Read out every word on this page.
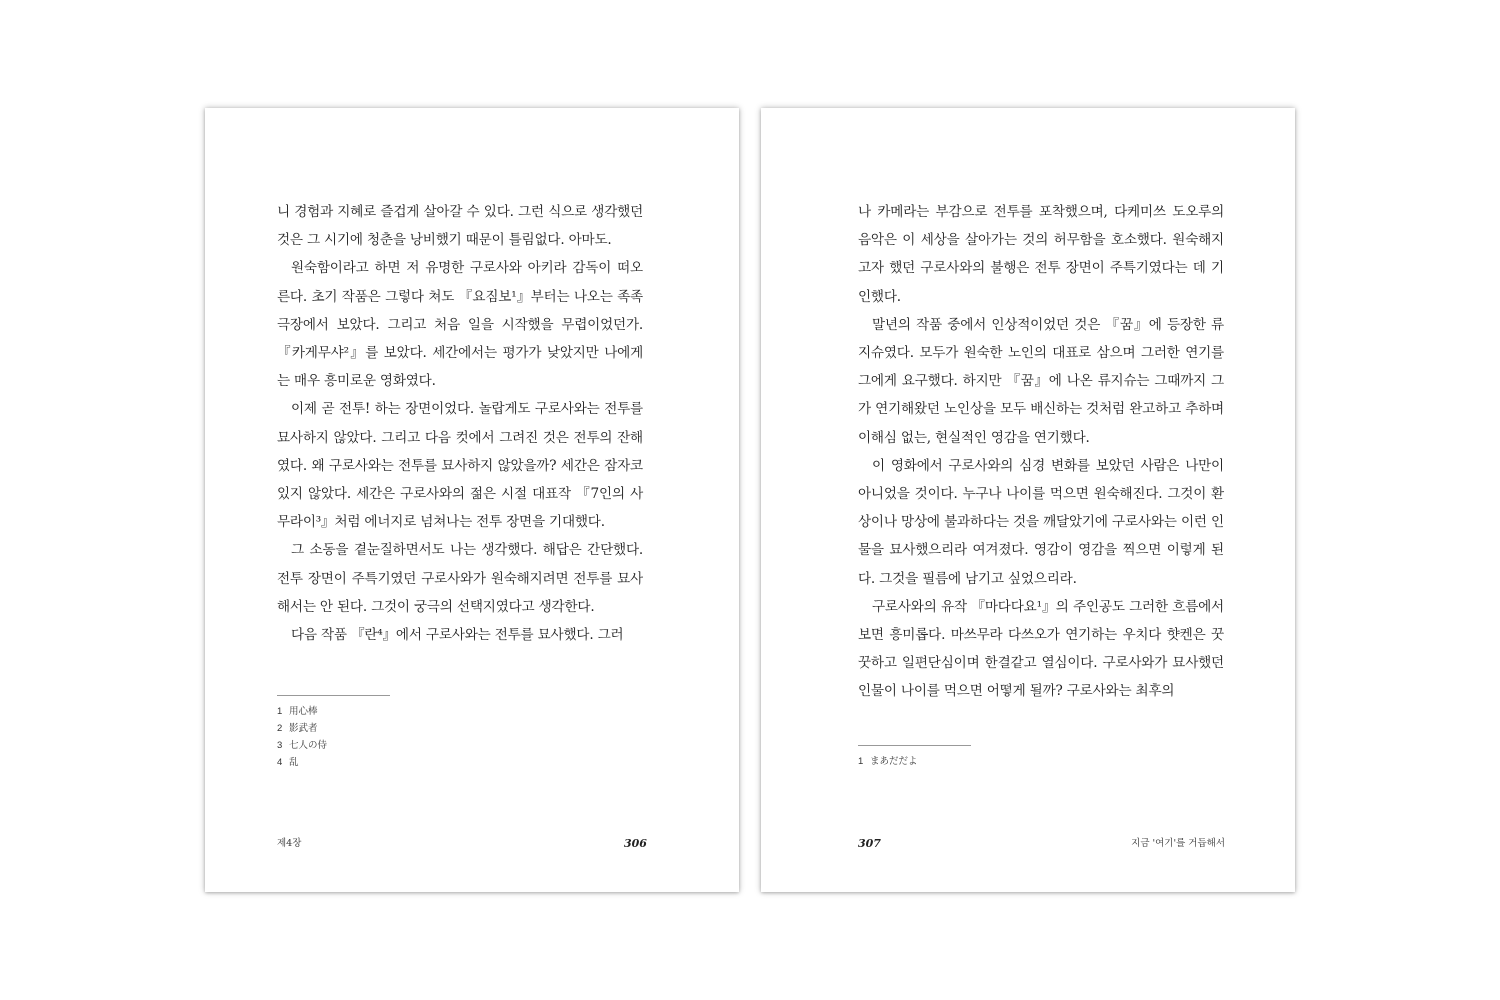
니 경험과 지혜로 즐겁게 살아갈 수 있다. 그런 식으로 생각했던 것은 그 시기에 청춘을 낭비했기 때문이 틀림없다. 아마도.

원숙함이라고 하면 저 유명한 구로사와 아키라 감독이 떠오른다. 초기 작품은 그렇다 쳐도 『요짐보¹』부터는 나오는 족족 극장에서 보았다. 그리고 처음 일을 시작했을 무렵이었던가. 『카게무샤²』를 보았다. 세간에서는 평가가 낮았지만 나에게는 매우 흥미로운 영화였다.

이제 곧 전투! 하는 장면이었다. 놀랍게도 구로사와는 전투를 묘사하지 않았다. 그리고 다음 컷에서 그려진 것은 전투의 잔해였다. 왜 구로사와는 전투를 묘사하지 않았을까? 세간은 잠자코 있지 않았다. 세간은 구로사와의 젊은 시절 대표작 『7인의 사무라이³』처럼 에너지로 넘쳐나는 전투 장면을 기대했다.

그 소동을 곁눈질하면서도 나는 생각했다. 해답은 간단했다. 전투 장면이 주특기였던 구로사와가 원숙해지려면 전투를 묘사해서는 안 된다. 그것이 궁극의 선택지였다고 생각한다.

다음 작품 『란⁴』에서 구로사와는 전투를 묘사했다. 그러

1 用心棒
2 影武者
3 七人の侍
4 乱
제4장	306

나 카메라는 부감으로 전투를 포착했으며, 다케미쓰 도오루의 음악은 이 세상을 살아가는 것의 허무함을 호소했다. 원숙해지고자 했던 구로사와의 불행은 전투 장면이 주특기였다는 데 기인했다.

말년의 작품 중에서 인상적이었던 것은 『꿈』에 등장한 류 지슈였다. 모두가 원숙한 노인의 대표로 삼으며 그러한 연기를 그에게 요구했다. 하지만 『꿈』에 나온 류지슈는 그때까지 그가 연기해왔던 노인상을 모두 배신하는 것처럼 완고하고 추하며 이해심 없는, 현실적인 영감을 연기했다.

이 영화에서 구로사와의 심경 변화를 보았던 사람은 나만이 아니었을 것이다. 누구나 나이를 먹으면 원숙해진다. 그것이 환상이나 망상에 불과하다는 것을 깨달았기에 구로사와는 이런 인물을 묘사했으리라 여겨졌다. 영감이 영감을 찍으면 이렇게 된다. 그것을 필름에 남기고 싶었으리라.

구로사와의 유작 『마다다요¹』의 주인공도 그러한 흐름에서 보면 흥미롭다. 마쓰무라 다쓰오가 연기하는 우치다 햣켄은 꿋꿋하고 일편단심이며 한결같고 열심이다. 구로사와가 묘사했던 인물이 나이를 먹으면 어떻게 될까? 구로사와는 최후의

1 まあだだよ
307	지금 '여기'를 거듭해서
